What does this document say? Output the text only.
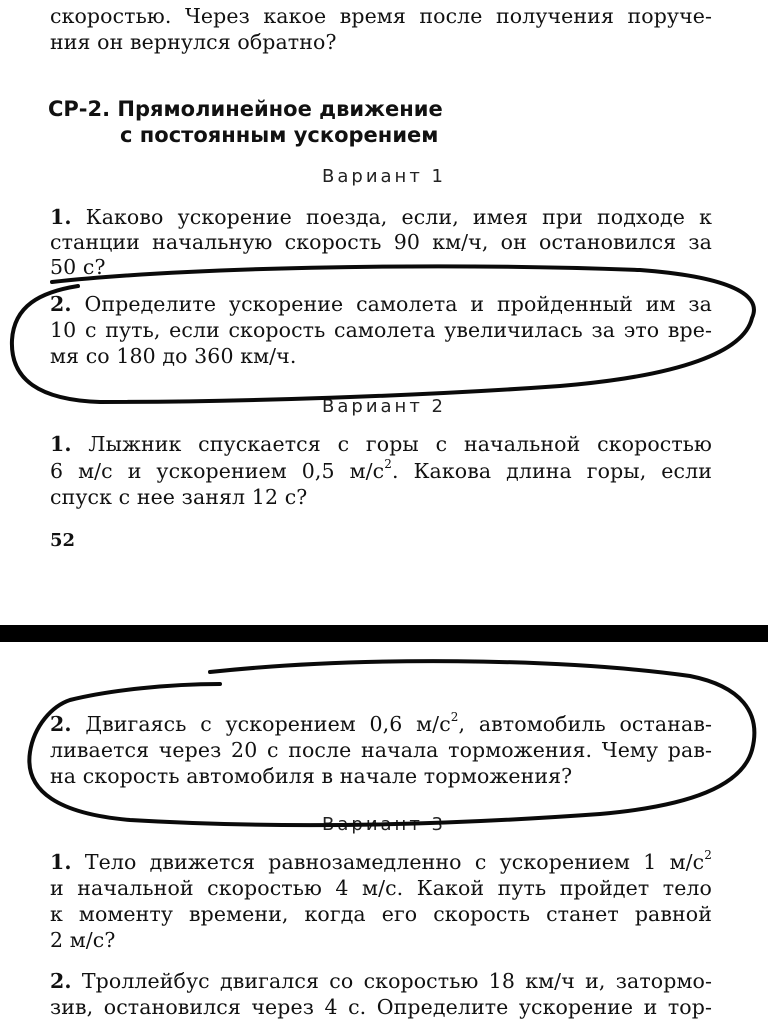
скоростью. Через какое время после получения поруче-
ния он вернулся обратно?
СР-2. Прямолинейное движение
с постоянным ускорением
Вариант 1
1. Каково ускорение поезда, если, имея при подходе к
станции начальную скорость 90 км/ч, он остановился за
50 с?
2. Определите ускорение самолета и пройденный им за
10 с путь, если скорость самолета увеличилась за это вре-
мя со 180 до 360 км/ч.
Вариант 2
1. Лыжник спускается с горы с начальной скоростью
6 м/с и ускорением 0,5 $м/с^2$. Какова длина горы, если
спуск с нее занял 12 с?
52
2. Двигаясь с ускорением 0,6 $м/с^2$, автомобиль останав-
ливается через 20 с после начала торможения. Чему рав-
на скорость автомобиля в начале торможения?
Вариант 3
1. Тело движется равнозамедленно с ускорением 1 $м/с^2$
и начальной скоростью 4 м/с. Какой путь пройдет тело
к моменту времени, когда его скорость станет равной
2 м/с?
2. Троллейбус двигался со скоростью 18 км/ч и, затормо-
зив, остановился через 4 с. Определите ускорение и тор-
